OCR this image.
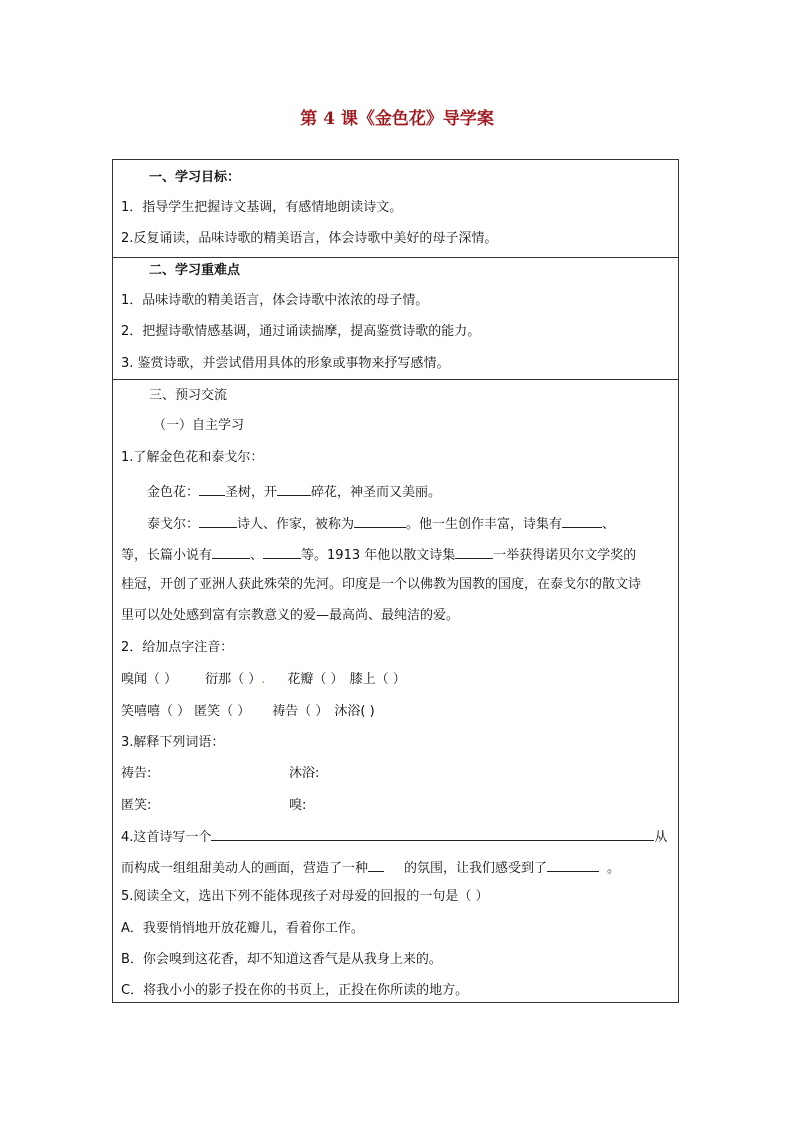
第 4 课《金色花》导学案
一、学习目标：
1．指导学生把握诗文基调，有感情地朗读诗文。
2.反复诵读，品味诗歌的精美语言，体会诗歌中美好的母子深情。
二、学习重难点
1．品味诗歌的精美语言，体会诗歌中浓浓的母子情。
2．把握诗歌情感基调，通过诵读揣摩，提高鉴赏诗歌的能力。
3. 鉴赏诗歌，并尝试借用具体的形象或事物来抒写感情。
三、预习交流
（一）自主学习
1.了解金色花和泰戈尔：
金色花： 圣树，开	碎花，神圣而又美丽。
泰戈尔：	诗人、作家，被称为	。他一生创作丰富，诗集有	、
等，长篇小说有	、	等。1913 年他以散文诗集	一举获得诺贝尔文学奖的
桂冠，开创了亚洲人获此殊荣的先河。印度是一个以佛教为国教的国度，在泰戈尔的散文诗
里可以处处感到富有宗教意义的爱—最高尚、最纯洁的爱。
2．给加点字注音：
嗅闻（ ） 衍那（ ）. 花瓣（ ） 膝上（ ）
笑嘻嘻（ ） 匿笑（ ） 祷告（ ） 沐浴( )
3.解释下列词语：
祷告:	沐浴:
匿笑:	嗅:
4.这首诗写一个	从
而构成一组组甜美动人的画面，营造了一种	的氛围，让我们感受到了	。
5.阅读全文，选出下列不能体现孩子对母爱的回报的一句是（ ）
A．我要悄悄地开放花瓣儿，看着你工作。
B．你会嗅到这花香，却不知道这香气是从我身上来的。
C．将我小小的影子投在你的书页上，正投在你所读的地方。
